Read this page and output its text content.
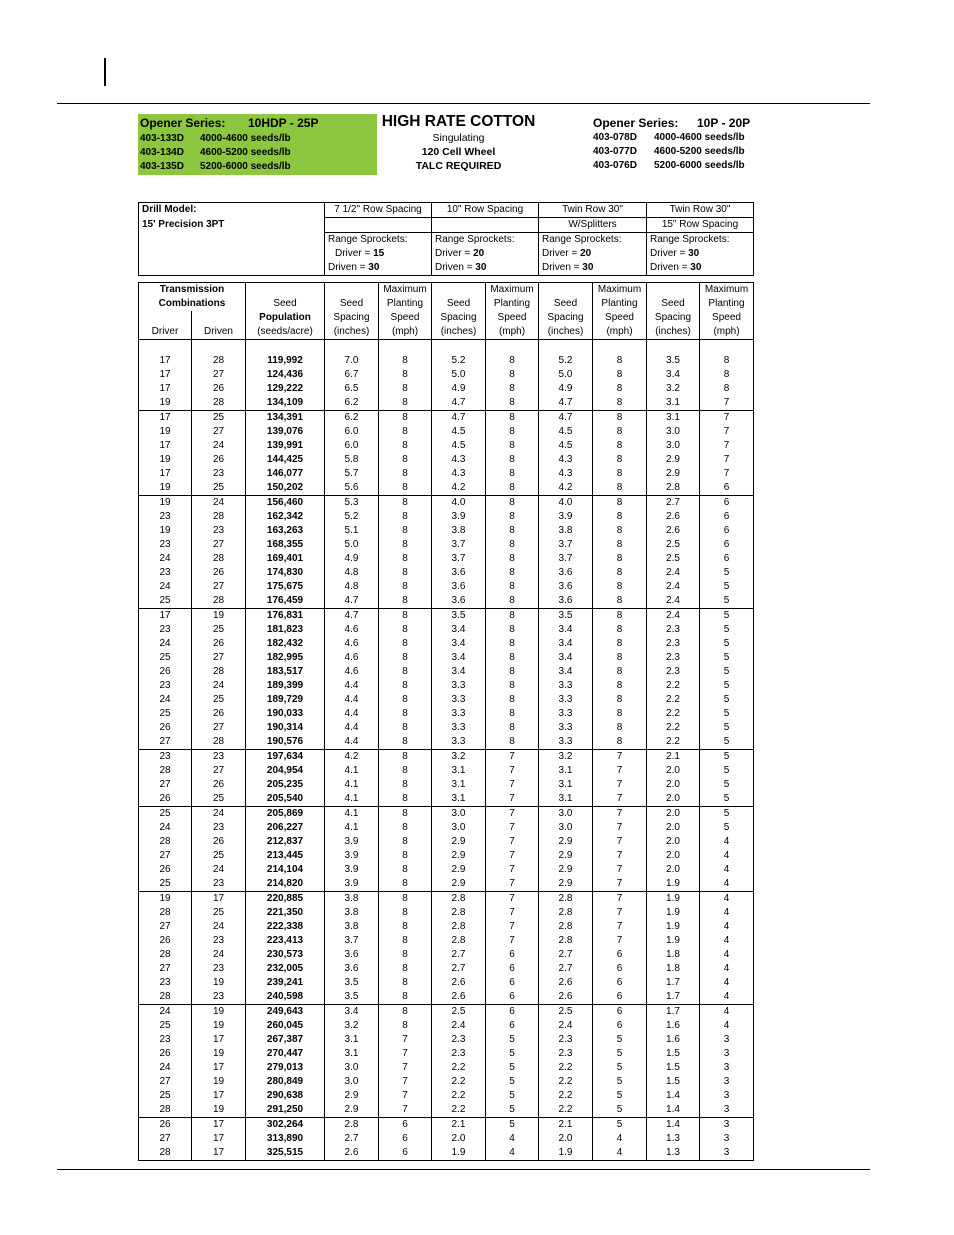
Opener Series: 10HDP - 25P
403-133D 4000-4600 seeds/lb
403-134D 4600-5200 seeds/lb
403-135D 5200-6000 seeds/lb
HIGH RATE COTTON
Singulating
120 Cell Wheel
TALC REQUIRED
Opener Series: 10P - 20P
403-078D 4000-4600 seeds/lb
403-077D 4600-5200 seeds/lb
403-076D 5200-6000 seeds/lb
Drill Model:			7 1/2" Row Spacing		10" Row Spacing		Twin Row 30"		Twin Row 30"	
15' Precision 3PT							W/Splitters		15" Row Spacing	
			Range Sprockets:		Range Sprockets:		Range Sprockets:		Range Sprockets:	
			Driver = 15		Driver = 20		Driver = 20		Driver = 30	
			Driven = 30		Driven = 30		Driven = 30		Driven = 30	

Transmission				Maximum		Maximum		Maximum		Maximum
Combinations		Seed	Seed	Planting	Seed	Planting	Seed	Planting	Seed	Planting
		Population	Spacing	Speed	Spacing	Speed	Spacing	Speed	Spacing	Speed
Driver	Driven	(seeds/acre)	(inches)	(mph)	(inches)	(mph)	(inches)	(mph)	(inches)	(mph)

17	28	119,992	7.0	8	5.2	8	5.2	8	3.5	8
17	27	124,436	6.7	8	5.0	8	5.0	8	3.4	8
17	26	129,222	6.5	8	4.9	8	4.9	8	3.2	8
19	28	134,109	6.2	8	4.7	8	4.7	8	3.1	7
17	25	134,391	6.2	8	4.7	8	4.7	8	3.1	7
19	27	139,076	6.0	8	4.5	8	4.5	8	3.0	7
17	24	139,991	6.0	8	4.5	8	4.5	8	3.0	7
19	26	144,425	5.8	8	4.3	8	4.3	8	2.9	7
17	23	146,077	5.7	8	4.3	8	4.3	8	2.9	7
19	25	150,202	5.6	8	4.2	8	4.2	8	2.8	6
19	24	156,460	5.3	8	4.0	8	4.0	8	2.7	6
23	28	162,342	5.2	8	3.9	8	3.9	8	2.6	6
19	23	163,263	5.1	8	3.8	8	3.8	8	2.6	6
23	27	168,355	5.0	8	3.7	8	3.7	8	2.5	6
24	28	169,401	4.9	8	3.7	8	3.7	8	2.5	6
23	26	174,830	4.8	8	3.6	8	3.6	8	2.4	5
24	27	175,675	4.8	8	3.6	8	3.6	8	2.4	5
25	28	176,459	4.7	8	3.6	8	3.6	8	2.4	5
17	19	176,831	4.7	8	3.5	8	3.5	8	2.4	5
23	25	181,823	4.6	8	3.4	8	3.4	8	2.3	5
24	26	182,432	4.6	8	3.4	8	3.4	8	2.3	5
25	27	182,995	4.6	8	3.4	8	3.4	8	2.3	5
26	28	183,517	4.6	8	3.4	8	3.4	8	2.3	5
23	24	189,399	4.4	8	3.3	8	3.3	8	2.2	5
24	25	189,729	4.4	8	3.3	8	3.3	8	2.2	5
25	26	190,033	4.4	8	3.3	8	3.3	8	2.2	5
26	27	190,314	4.4	8	3.3	8	3.3	8	2.2	5
27	28	190,576	4.4	8	3.3	8	3.3	8	2.2	5
23	23	197,634	4.2	8	3.2	7	3.2	7	2.1	5
28	27	204,954	4.1	8	3.1	7	3.1	7	2.0	5
27	26	205,235	4.1	8	3.1	7	3.1	7	2.0	5
26	25	205,540	4.1	8	3.1	7	3.1	7	2.0	5
25	24	205,869	4.1	8	3.0	7	3.0	7	2.0	5
24	23	206,227	4.1	8	3.0	7	3.0	7	2.0	5
28	26	212,837	3.9	8	2.9	7	2.9	7	2.0	4
27	25	213,445	3.9	8	2.9	7	2.9	7	2.0	4
26	24	214,104	3.9	8	2.9	7	2.9	7	2.0	4
25	23	214,820	3.9	8	2.9	7	2.9	7	1.9	4
19	17	220,885	3.8	8	2.8	7	2.8	7	1.9	4
28	25	221,350	3.8	8	2.8	7	2.8	7	1.9	4
27	24	222,338	3.8	8	2.8	7	2.8	7	1.9	4
26	23	223,413	3.7	8	2.8	7	2.8	7	1.9	4
28	24	230,573	3.6	8	2.7	6	2.7	6	1.8	4
27	23	232,005	3.6	8	2.7	6	2.7	6	1.8	4
23	19	239,241	3.5	8	2.6	6	2.6	6	1.7	4
28	23	240,598	3.5	8	2.6	6	2.6	6	1.7	4
24	19	249,643	3.4	8	2.5	6	2.5	6	1.7	4
25	19	260,045	3.2	8	2.4	6	2.4	6	1.6	4
23	17	267,387	3.1	7	2.3	5	2.3	5	1.6	3
26	19	270,447	3.1	7	2.3	5	2.3	5	1.5	3
24	17	279,013	3.0	7	2.2	5	2.2	5	1.5	3
27	19	280,849	3.0	7	2.2	5	2.2	5	1.5	3
25	17	290,638	2.9	7	2.2	5	2.2	5	1.4	3
28	19	291,250	2.9	7	2.2	5	2.2	5	1.4	3
26	17	302,264	2.8	6	2.1	5	2.1	5	1.4	3
27	17	313,890	2.7	6	2.0	4	2.0	4	1.3	3
28	17	325,515	2.6	6	1.9	4	1.9	4	1.3	3
